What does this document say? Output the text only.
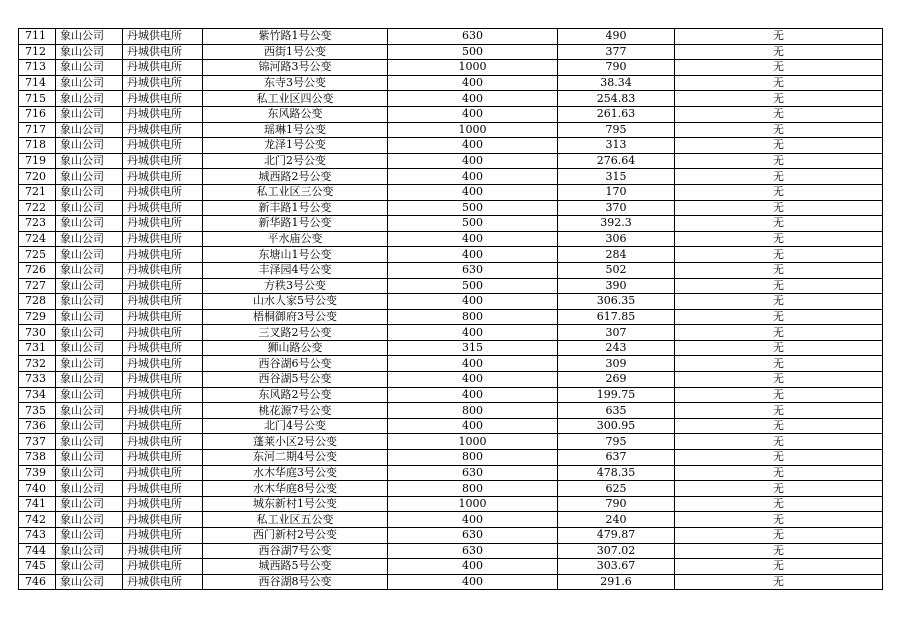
711	象山公司	丹城供电所	紫竹路1号公变	630	490	无
712	象山公司	丹城供电所	西街1号公变	500	377	无
713	象山公司	丹城供电所	锦河路3号公变	1000	790	无
714	象山公司	丹城供电所	东寺3号公变	400	38.34	无
715	象山公司	丹城供电所	私工业区四公变	400	254.83	无
716	象山公司	丹城供电所	东风路公变	400	261.63	无
717	象山公司	丹城供电所	瑶琳1号公变	1000	795	无
718	象山公司	丹城供电所	龙泽1号公变	400	313	无
719	象山公司	丹城供电所	北门2号公变	400	276.64	无
720	象山公司	丹城供电所	城西路2号公变	400	315	无
721	象山公司	丹城供电所	私工业区三公变	400	170	无
722	象山公司	丹城供电所	新丰路1号公变	500	370	无
723	象山公司	丹城供电所	新华路1号公变	500	392.3	无
724	象山公司	丹城供电所	平水庙公变	400	306	无
725	象山公司	丹城供电所	东塘山1号公变	400	284	无
726	象山公司	丹城供电所	丰泽园4号公变	630	502	无
727	象山公司	丹城供电所	方秩3号公变	500	390	无
728	象山公司	丹城供电所	山水人家5号公变	400	306.35	无
729	象山公司	丹城供电所	梧桐御府3号公变	800	617.85	无
730	象山公司	丹城供电所	三叉路2号公变	400	307	无
731	象山公司	丹城供电所	狮山路公变	315	243	无
732	象山公司	丹城供电所	西谷湖6号公变	400	309	无
733	象山公司	丹城供电所	西谷湖5号公变	400	269	无
734	象山公司	丹城供电所	东风路2号公变	400	199.75	无
735	象山公司	丹城供电所	桃花源7号公变	800	635	无
736	象山公司	丹城供电所	北门4号公变	400	300.95	无
737	象山公司	丹城供电所	蓬莱小区2号公变	1000	795	无
738	象山公司	丹城供电所	东河二期4号公变	800	637	无
739	象山公司	丹城供电所	水木华庭3号公变	630	478.35	无
740	象山公司	丹城供电所	水木华庭8号公变	800	625	无
741	象山公司	丹城供电所	城东新村1号公变	1000	790	无
742	象山公司	丹城供电所	私工业区五公变	400	240	无
743	象山公司	丹城供电所	西门新村2号公变	630	479.87	无
744	象山公司	丹城供电所	西谷湖7号公变	630	307.02	无
745	象山公司	丹城供电所	城西路5号公变	400	303.67	无
746	象山公司	丹城供电所	西谷湖8号公变	400	291.6	无
